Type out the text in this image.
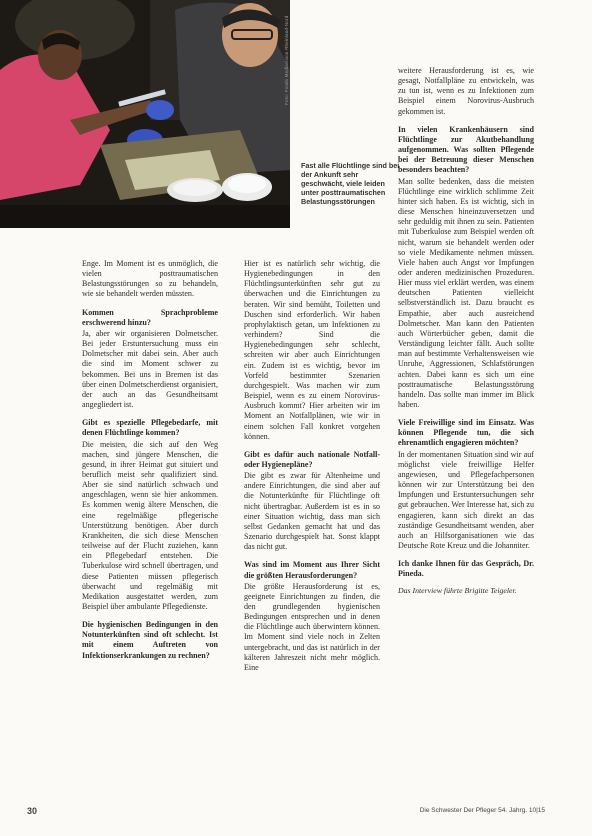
Foto: Fonds Mediavision Rheinland-Nord
Fast alle Flüchtlinge sind bei der Ankunft sehr geschwächt, viele leiden unter posttraumatischen Belastungsstörungen

Enge. Im Moment ist es unmöglich, die vielen posttraumatischen Belastungsstörungen so zu behandeln, wie sie behandelt werden müssten.

Kommen Sprachprobleme erschwerend hinzu?

Ja, aber wir organisieren Dolmetscher. Bei jeder Erstuntersuchung muss ein Dolmetscher mit dabei sein. Aber auch die sind im Moment schwer zu bekommen. Bei uns in Bremen ist das über einen Dolmetscherdienst organisiert, der auch an das Gesundheitsamt angegliedert ist.

Gibt es spezielle Pflegebedarfe, mit denen Flüchtlinge kommen?

Die meisten, die sich auf den Weg machen, sind jüngere Menschen, die gesund, in ihrer Heimat gut situiert und beruflich meist sehr qualifiziert sind. Aber sie sind natürlich schwach und angeschlagen, wenn sie hier ankommen. Es kommen wenig ältere Menschen, die eine regelmäßige pflegerische Unterstützung benötigen. Aber durch Krankheiten, die sich diese Menschen teilweise auf der Flucht zuziehen, kann ein Pflegebedarf entstehen. Die Tuberkulose wird schnell übertragen, und diese Patienten müssen pflegerisch überwacht und regelmäßig mit Medikation ausgestattet werden, zum Beispiel über ambulante Pflegedienste.

Die hygienischen Bedingungen in den Notunterkünften sind oft schlecht. Ist mit einem Auftreten von Infektionserkrankungen zu rechnen?

Hier ist es natürlich sehr wichtig, die Hygienebedingungen in den Flüchtlingsunterkünften sehr gut zu überwachen und die Einrichtungen zu beraten. Wir sind bemüht, Toiletten und Duschen sind erforderlich. Wir haben prophylaktisch getan, um Infektionen zu verhindern? Sind die Hygienebedingungen sehr schlecht, schreiten wir aber auch Einrichtungen ein. Zudem ist es wichtig, bevor im Vorfeld bestimmter Szenarien durchgespielt. Was machen wir zum Beispiel, wenn es zu einem Norovirus-Ausbruch kommt? Hier arbeiten wir im Moment an Notfallplänen, wie wir in einem solchen Fall konkret vorgehen können.

Gibt es dafür auch nationale Notfall- oder Hygienepläne?

Die gibt es zwar für Altenheime und andere Einrichtungen, die sind aber auf die Notunterkünfte für Flüchtlinge oft nicht übertragbar. Außerdem ist es in so einer Situation wichtig, dass man sich selbst Gedanken gemacht hat und das Szenario durchgespielt hat. Sonst klappt das nicht gut.

Was sind im Moment aus Ihrer Sicht die größten Herausforderungen?

Die größte Herausforderung ist es, geeignete Einrichtungen zu finden, die den grundlegenden hygienischen Bedingungen entsprechen und in denen die Flüchtlinge auch überwintern können. Im Moment sind viele noch in Zelten untergebracht, und das ist natürlich in der kälteren Jahreszeit nicht mehr möglich. Eine

weitere Herausforderung ist es, wie gesagt, Notfallpläne zu entwickeln, was zu tun ist, wenn es zu Infektionen zum Beispiel einem Norovirus-Ausbruch gekommen ist.

In vielen Krankenhäusern sind Flüchtlinge zur Akutbehandlung aufgenommen. Was sollten Pflegende bei der Betreuung dieser Menschen besonders beachten?

Man sollte bedenken, dass die meisten Flüchtlinge eine wirklich schlimme Zeit hinter sich haben. Es ist wichtig, sich in diese Menschen hineinzuversetzen und sehr geduldig mit ihnen zu sein. Patienten mit Tuberkulose zum Beispiel werden oft nicht, warum sie behandelt werden oder so viele Medikamente nehmen müssen. Viele haben auch Angst vor Impfungen oder anderen medizinischen Prozeduren. Hier muss viel erklärt werden, was einem deutschen Patienten vielleicht selbstverständlich ist. Dazu braucht es Empathie, aber auch ausreichend Dolmetscher. Man kann den Patienten auch Wörterbücher geben, damit die Verständigung leichter fällt. Auch sollte man auf bestimmte Verhaltensweisen wie Unruhe, Aggressionen, Schlafstörungen achten. Dabei kann es sich um eine posttraumatische Belastungsstörung handeln. Das sollte man immer im Blick haben.

Viele Freiwillige sind im Einsatz. Was können Pflegende tun, die sich ehrenamtlich engagieren möchten?

In der momentanen Situation sind wir auf möglichst viele freiwillige Helfer angewiesen, und Pflegefachpersonen können wir zur Unterstützung bei den Impfungen und Erstuntersuchungen sehr gut gebrauchen. Wer Interesse hat, sich zu engagieren, kann sich direkt an das zuständige Gesundheitsamt wenden, aber auch an Hilfsorganisationen wie das Deutsche Rote Kreuz und die Johanniter.

Ich danke Ihnen für das Gespräch, Dr. Pineda.

Das Interview führte Brigitte Teigeler.

30	Die Schwester Der Pfleger 54. Jahrg. 10|15
